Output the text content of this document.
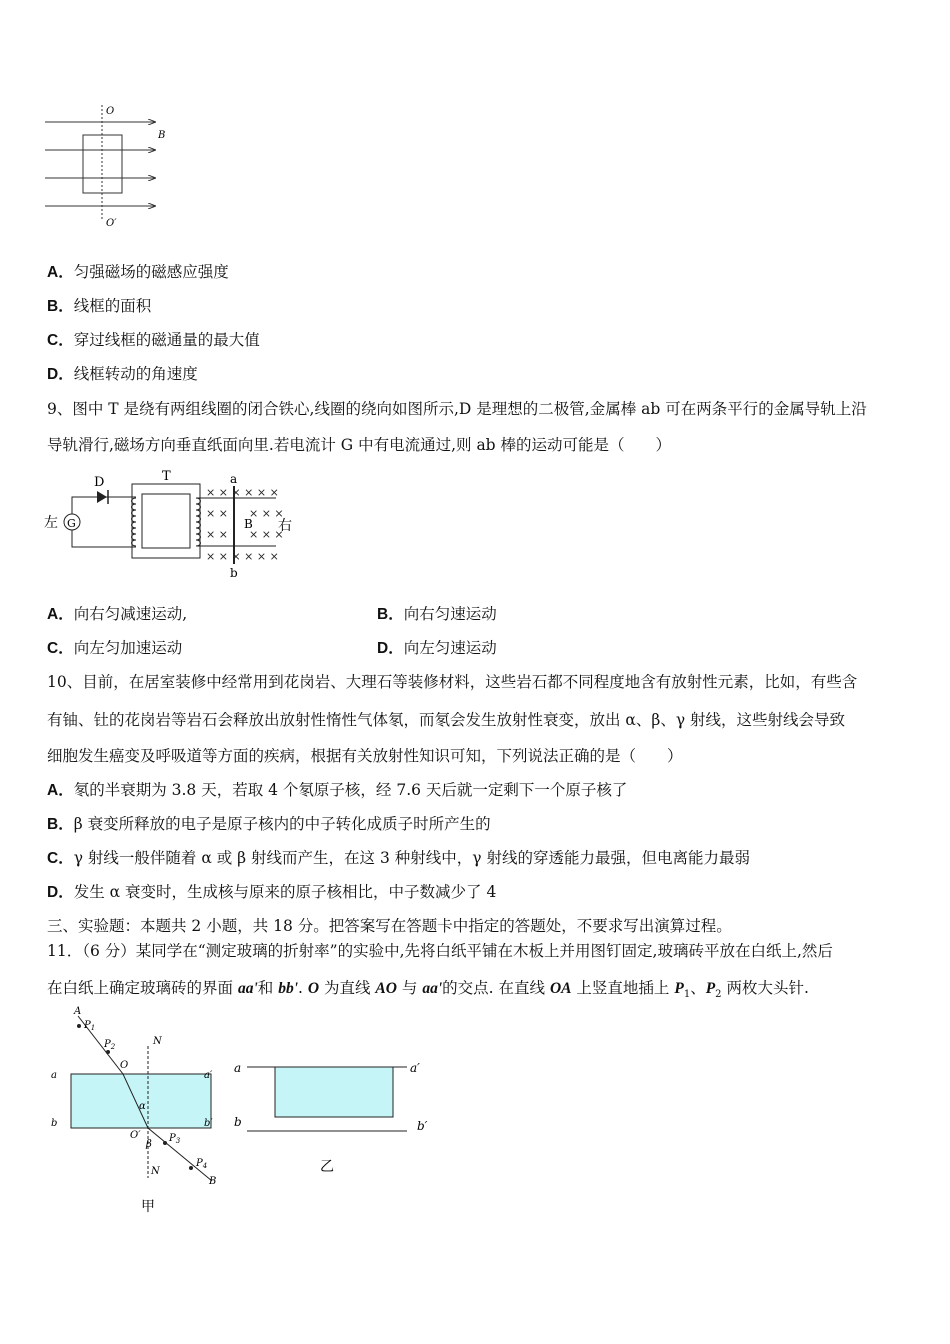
O
B
O′
A．匀强磁场的磁感应强度
B．线框的面积
C．穿过线框的磁通量的最大值
D．线框转动的角速度
9、图中 T 是绕有两组线圈的闭合铁心,线圈的绕向如图所示,D 是理想的二极管,金属棒 ab 可在两条平行的金属导轨上沿
导轨滑行,磁场方向垂直纸面向里.若电流计 G 中有电流通过,则 ab 棒的运动可能是（　　）
左 G
D	T
× × × × × ×
× ×
× ×
× × × × × ×
× × ×
× × ×
B
a
b
右
A．向右匀减速运动,	B．向右匀速运动
C．向左匀加速运动	D．向左匀速运动
10、目前，在居室装修中经常用到花岗岩、大理石等装修材料，这些岩石都不同程度地含有放射性元素，比如，有些含
有铀、钍的花岗岩等岩石会释放出放射性惰性气体氡，而氡会发生放射性衰变，放出 α、β、γ 射线，这些射线会导致
细胞发生癌变及呼吸道等方面的疾病，根据有关放射性知识可知，下列说法正确的是（　　）
A．氡的半衰期为 3.8 天，若取 4 个氡原子核，经 7.6 天后就一定剩下一个原子核了
B．β 衰变所释放的电子是原子核内的中子转化成质子时所产生的
C．γ 射线一般伴随着 α 或 β 射线而产生，在这 3 种射线中，γ 射线的穿透能力最强，但电离能力最弱
D．发生 α 衰变时，生成核与原来的原子核相比，中子数减少了 4
三、实验题：本题共 2 小题，共 18 分。把答案写在答题卡中指定的答题处，不要求写出演算过程。
11．（6 分）某同学在“测定玻璃的折射率”的实验中,先将白纸平铺在木板上并用图钉固定,玻璃砖平放在白纸上,然后
在白纸上确定玻璃砖的界面 aa'和 bb'. O 为直线 AO 与 aa'的交点. 在直线 OA 上竖直地插上 $P_1$、$P_2$ 两枚大头针.
A
$P_1$
$P_2$
O
N
a	a′
b	b′
α
O′
β
$P_3$
N
$P_4$
B
甲
a	a′
b	b′
乙
